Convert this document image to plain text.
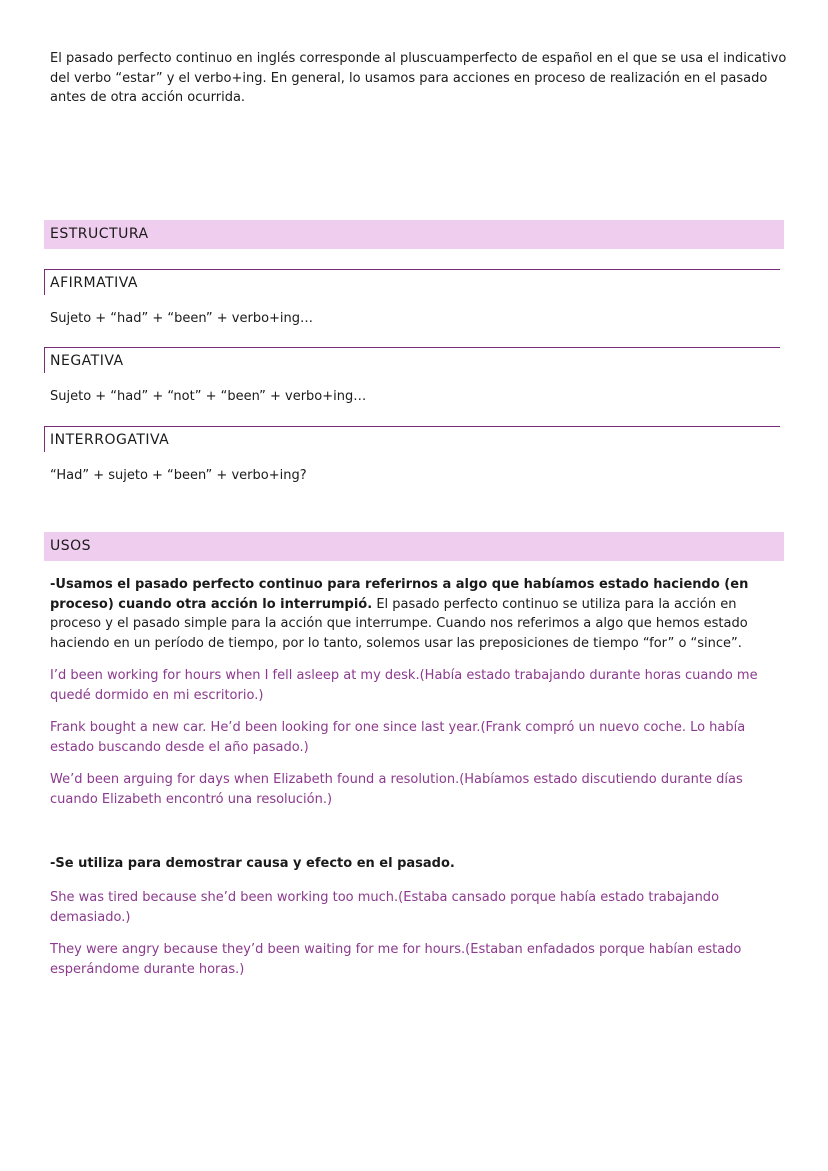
El pasado perfecto continuo en inglés corresponde al pluscuamperfecto de español en el que se usa el indicativo del verbo “estar” y el verbo+ing. En general, lo usamos para acciones en proceso de realización en el pasado antes de otra acción ocurrida.

ESTRUCTURA
AFIRMATIVA
Sujeto + “had” + “been” + verbo+ing…
NEGATIVA
Sujeto + “had” + “not” + “been” + verbo+ing…
INTERROGATIVA
“Had” + sujeto + “been” + verbo+ing?
USOS

-Usamos el pasado perfecto continuo para referirnos a algo que habíamos estado haciendo (en proceso) cuando otra acción lo interrumpió. El pasado perfecto continuo se utiliza para la acción en proceso y el pasado simple para la acción que interrumpe. Cuando nos referimos a algo que hemos estado haciendo en un período de tiempo, por lo tanto, solemos usar las preposiciones de tiempo “for” o “since”.

I’d been working for hours when I fell asleep at my desk.(Había estado trabajando durante horas cuando me quedé dormido en mi escritorio.)

Frank bought a new car. He’d been looking for one since last year.(Frank compró un nuevo coche. Lo había estado buscando desde el año pasado.)

We’d been arguing for days when Elizabeth found a resolution.(Habíamos estado discutiendo durante días cuando Elizabeth encontró una resolución.)

-Se utiliza para demostrar causa y efecto en el pasado.

She was tired because she’d been working too much.(Estaba cansado porque había estado trabajando demasiado.)

They were angry because they’d been waiting for me for hours.(Estaban enfadados porque habían estado esperándome durante horas.)
